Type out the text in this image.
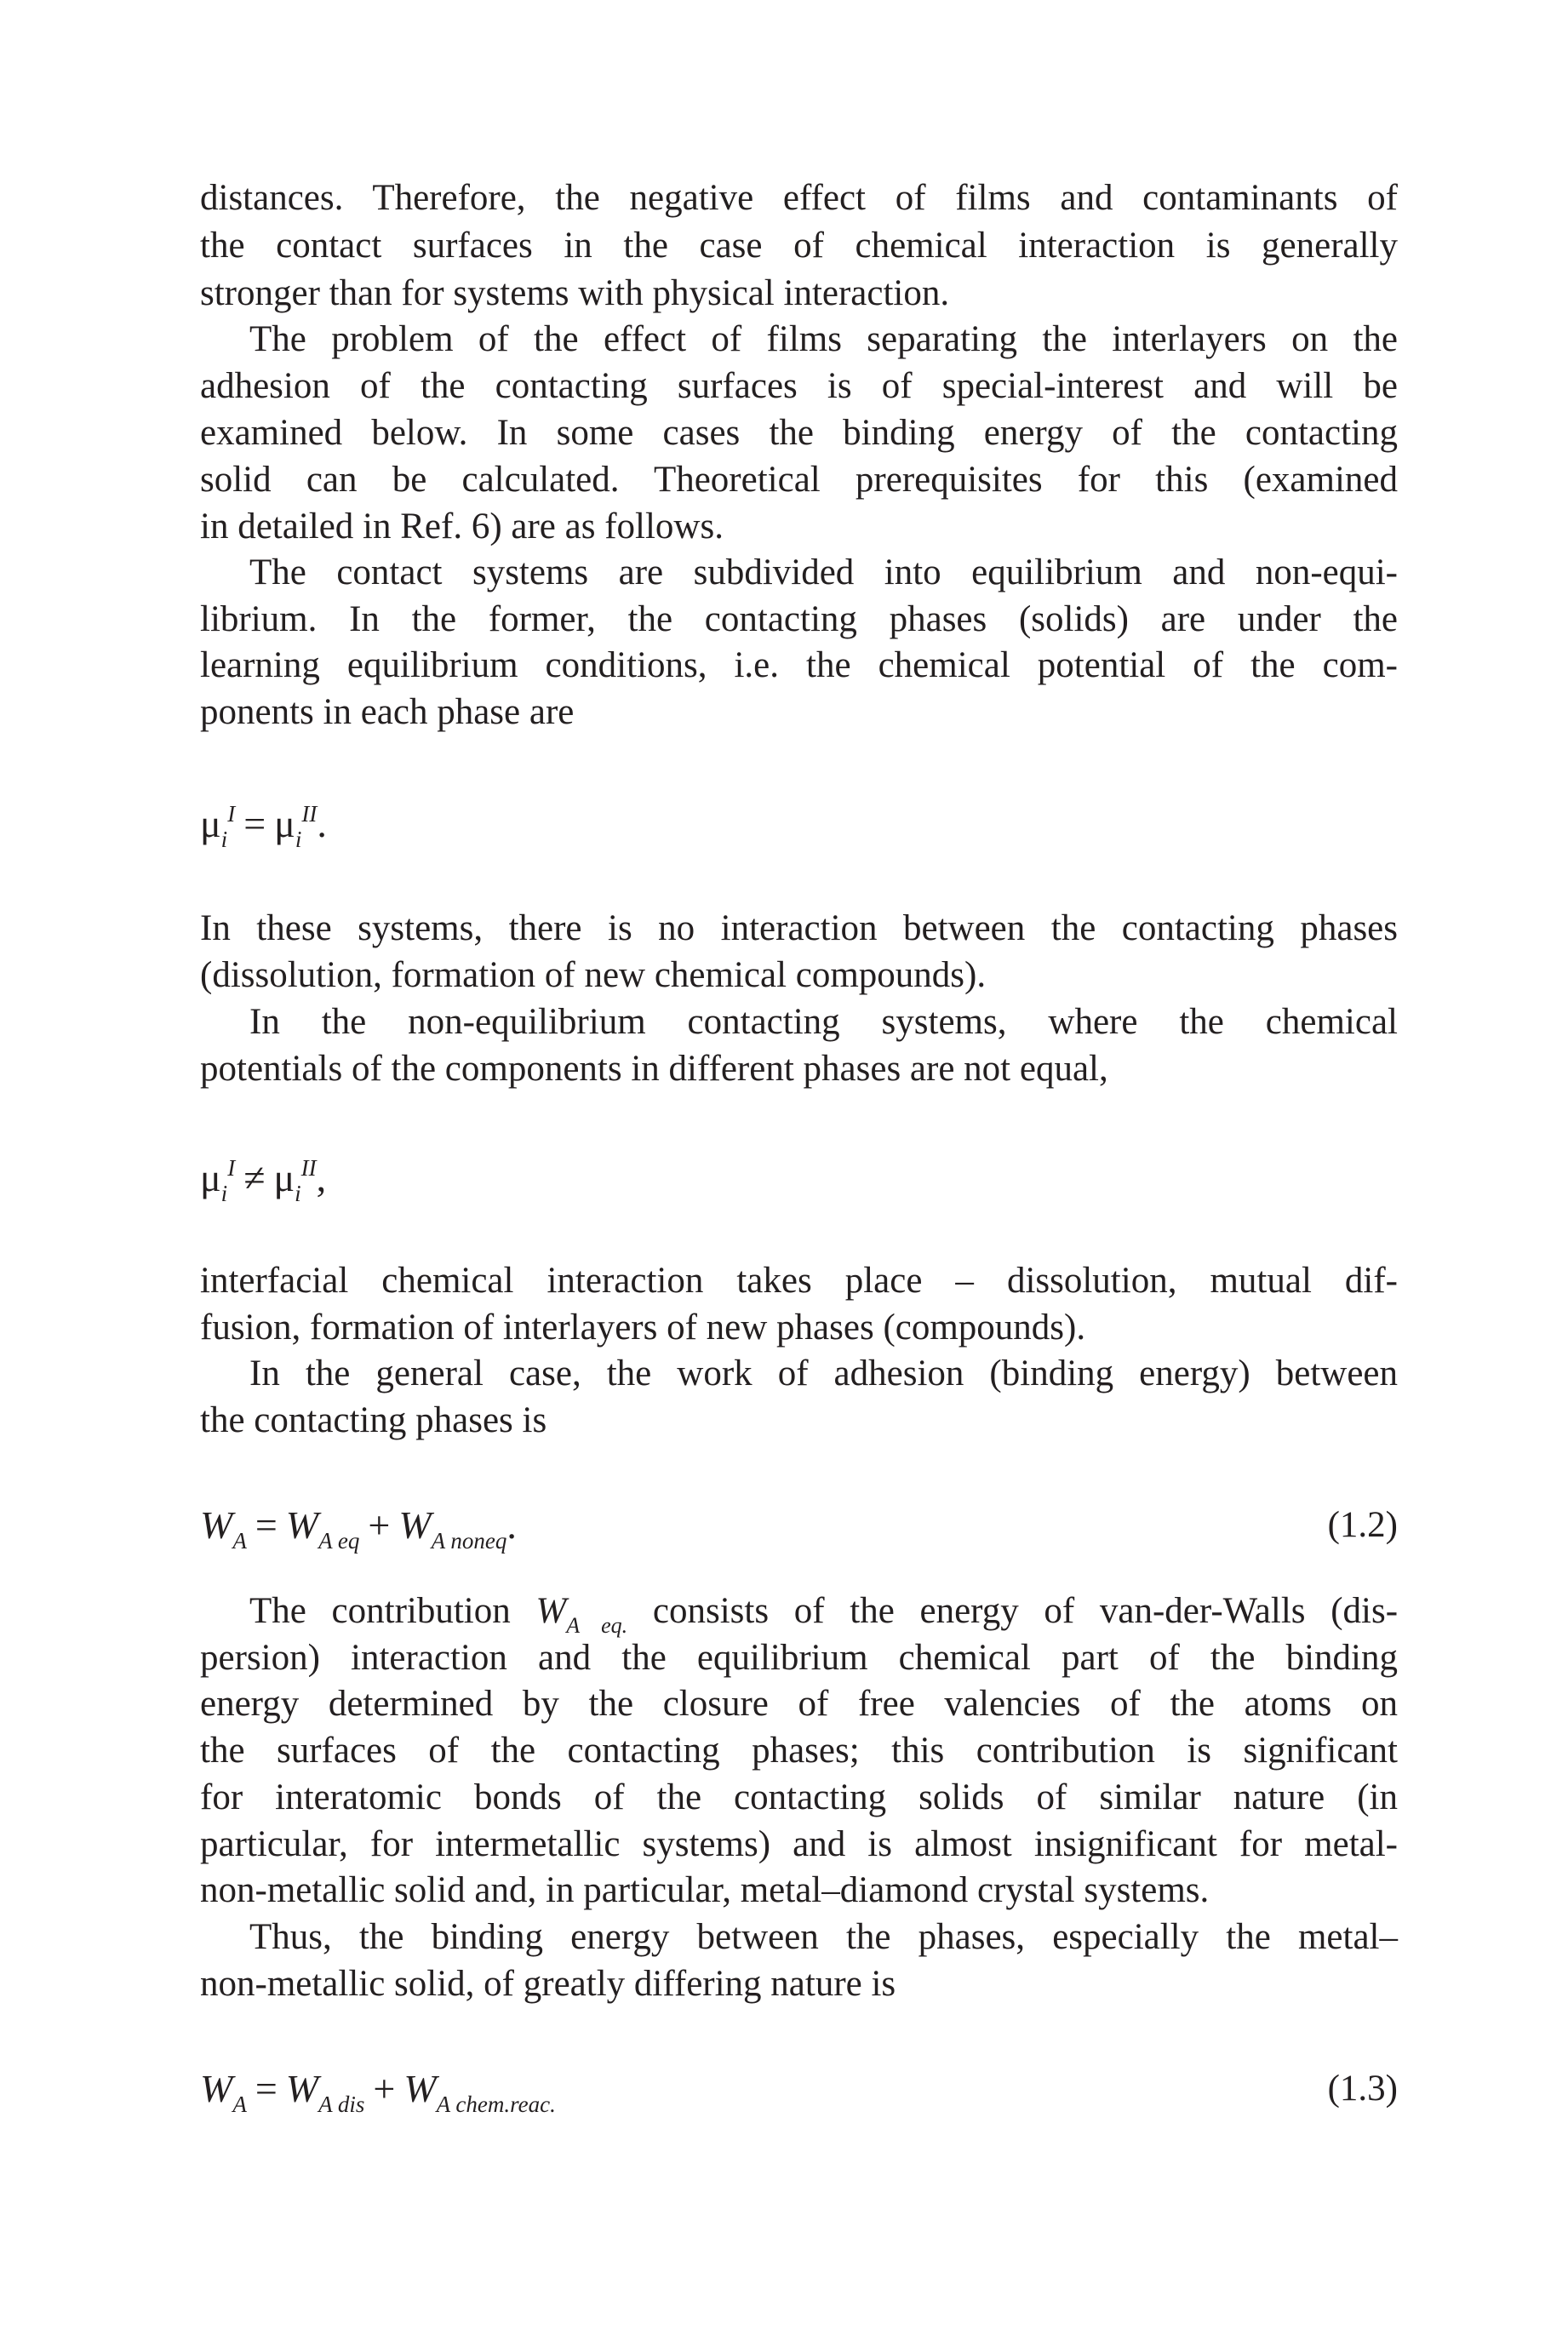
distances. Therefore, the negative effect of films and contaminants of
the contact surfaces in the case of chemical interaction is generally
stronger than for systems with physical interaction.
The problem of the effect of films separating the interlayers on the
adhesion of the contacting surfaces is of special-interest and will be
examined below. In some cases the binding energy of the contacting
solid can be calculated. Theoretical prerequisites for this (examined
in detailed in Ref. 6) are as follows.
The contact systems are subdivided into equilibrium and non-equi-
librium. In the former, the contacting phases (solids) are under the
learning equilibrium conditions, i.e. the chemical potential of the com-
ponents in each phase are
$\mu_i^I = \mu_i^{II}$.
In these systems, there is no interaction between the contacting phases
(dissolution, formation of new chemical compounds).
In the non-equilibrium contacting systems, where the chemical
potentials of the components in different phases are not equal,
$\mu_i^I \ne \mu_i^{II}$,
interfacial chemical interaction takes place – dissolution, mutual dif-
fusion, formation of interlayers of new phases (compounds).
In the general case, the work of adhesion (binding energy) between
the contacting phases is
$W_A = W_{A eq} + W_{A noneq}$.	(1.2)
The contribution $W_{A eq.}$ consists of the energy of van-der-Walls (dis-
persion) interaction and the equilibrium chemical part of the binding
energy determined by the closure of free valencies of the atoms on
the surfaces of the contacting phases; this contribution is significant
for interatomic bonds of the contacting solids of similar nature (in
particular, for intermetallic systems) and is almost insignificant for metal-
non-metallic solid and, in particular, metal–diamond crystal systems.
Thus, the binding energy between the phases, especially the metal–
non-metallic solid, of greatly differing nature is
$W_A = W_{A dis} + W_{A chem.reac.}$	(1.3)
